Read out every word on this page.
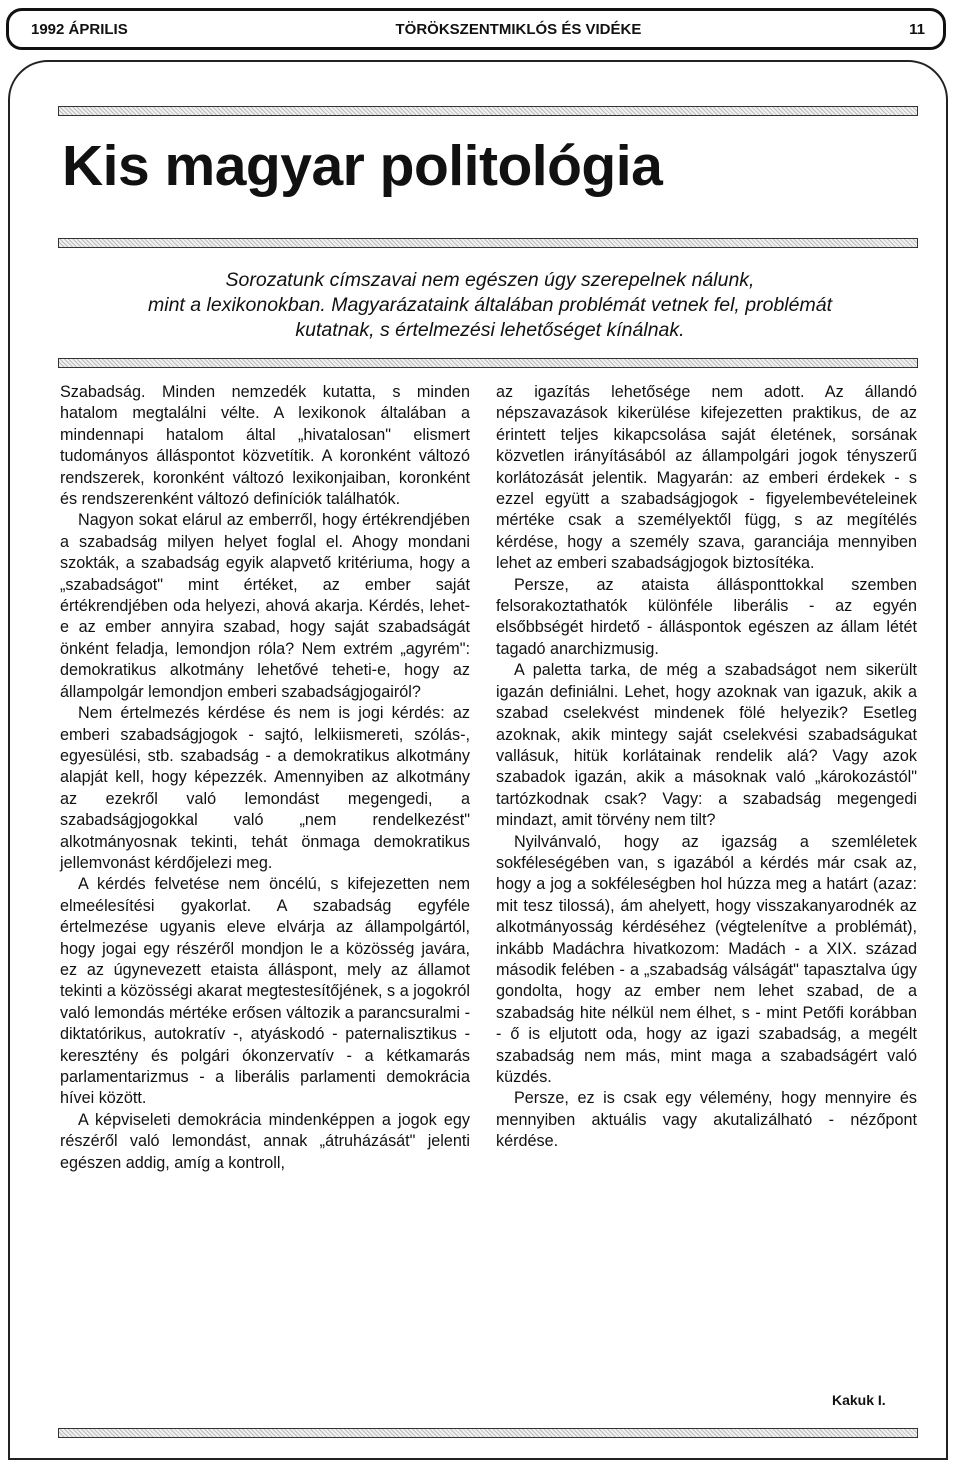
1992 ÁPRILIS	TÖRÖKSZENTMIKLÓS ÉS VIDÉKE	11
Kis magyar politológia
Sorozatunk címszavai nem egészen úgy szerepelnek nálunk,
mint a lexikonokban. Magyarázataink általában problémát vetnek fel, problémát
kutatnak, s értelmezési lehetőséget kínálnak.

Szabadság. Minden nemzedék kutatta, s minden hatalom megtalálni vélte. A lexikonok általában a mindennapi hatalom által „hivatalosan" elismert tudományos álláspontot közvetítik. A koronként változó rendszerek, koronként változó lexikonjaiban, koronként és rendszerenként változó definíciók találhatók.

Nagyon sokat elárul az emberről, hogy értékrendjében a szabadság milyen helyet foglal el. Ahogy mondani szokták, a szabadság egyik alapvető kritériuma, hogy a „szabadságot" mint értéket, az ember saját értékrendjében oda helyezi, ahová akarja. Kérdés, lehet-e az ember annyira szabad, hogy saját szabadságát önként feladja, lemondjon róla? Nem extrém „agyrém": demokratikus alkotmány lehetővé teheti-e, hogy az állampolgár lemondjon emberi szabadságjogairól?

Nem értelmezés kérdése és nem is jogi kérdés: az emberi szabadságjogok - sajtó, lelkiismereti, szólás-, egyesülési, stb. szabadság - a demokratikus alkotmány alapját kell, hogy képezzék. Amennyiben az alkotmány az ezekről való lemondást megengedi, a szabadságjogokkal való „nem rendelkezést" alkotmányosnak tekinti, tehát önmaga demokratikus jellemvonást kérdőjelezi meg.

A kérdés felvetése nem öncélú, s kifejezetten nem elmeélesítési gyakorlat. A szabadság egyféle értelmezése ugyanis eleve elvárja az állampolgártól, hogy jogai egy részéről mondjon le a közösség javára, ez az úgynevezett etaista álláspont, mely az államot tekinti a közösségi akarat megtestesítőjének, s a jogokról való lemondás mértéke erősen változik a parancsuralmi - diktatórikus, autokratív -, atyáskodó - paternalisztikus - keresztény és polgári ókonzervatív - a kétkamarás parlamentarizmus - a liberális parlamenti demokrácia hívei között.

A képviseleti demokrácia mindenképpen a jogok egy részéről való lemondást, annak „átruházását" jelenti egészen addig, amíg a kontroll,

az igazítás lehetősége nem adott. Az állandó népszavazások kikerülése kifejezetten praktikus, de az érintett teljes kikapcsolása saját életének, sorsának közvetlen irányításából az állampolgári jogok tényszerű korlátozását jelentik. Magyarán: az emberi érdekek - s ezzel együtt a szabadságjogok - figyelembevételeinek mértéke csak a személyektől függ, s az megítélés kérdése, hogy a személy szava, garanciája mennyiben lehet az emberi szabadságjogok biztosítéka.

Persze, az ataista állásponttokkal szemben felsorakoztathatók különféle liberális - az egyén elsőbbségét hirdető - álláspontok egészen az állam létét tagadó anarchizmusig.

A paletta tarka, de még a szabadságot nem sikerült igazán definiálni. Lehet, hogy azoknak van igazuk, akik a szabad cselekvést mindenek fölé helyezik? Esetleg azoknak, akik mintegy saját cselekvési szabadságukat vallásuk, hitük korlátainak rendelik alá? Vagy azok szabadok igazán, akik a másoknak való „károkozástól" tartózkodnak csak? Vagy: a szabadság megengedi mindazt, amit törvény nem tilt?

Nyilvánvaló, hogy az igazság a szemléletek sokféleségében van, s igazából a kérdés már csak az, hogy a jog a sokféleségben hol húzza meg a határt (azaz: mit tesz tilossá), ám ahelyett, hogy visszakanyarodnék az alkotmányosság kérdéséhez (végtelenítve a problémát), inkább Madáchra hivatkozom: Madách - a XIX. század második felében - a „szabadság válságát" tapasztalva úgy gondolta, hogy az ember nem lehet szabad, de a szabadság hite nélkül nem élhet, s - mint Petőfi korábban - ő is eljutott oda, hogy az igazi szabadság, a megélt szabadság nem más, mint maga a szabadságért való küzdés.

Persze, ez is csak egy vélemény, hogy mennyire és mennyiben aktuális vagy akutalizálható - nézőpont kérdése.

Kakuk I.
